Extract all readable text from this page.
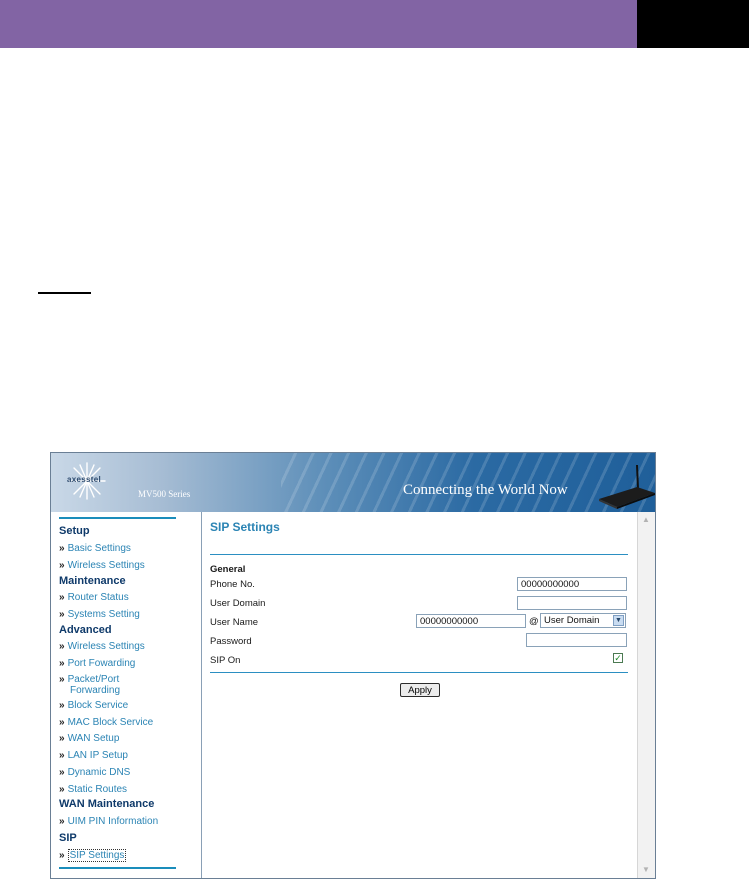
axesstel
MV500 Series	Connecting the World Now
Setup
» Basic Settings
» Wireless Settings
Maintenance
» Router Status
» Systems Setting
Advanced
» Wireless Settings
» Port Fowarding
» Packet/Port
Forwarding
» Block Service
» MAC Block Service
» WAN Setup
» LAN IP Setup
» Dynamic DNS
» Static Routes
WAN Maintenance
» UIM PIN Information
SIP
» SIP Settings
SIP Settings
General
Phone No.	00000000000
User Domain
User Name	00000000000	@ User Domain ▼
Password
SIP On	✓
Apply
▲
▼
